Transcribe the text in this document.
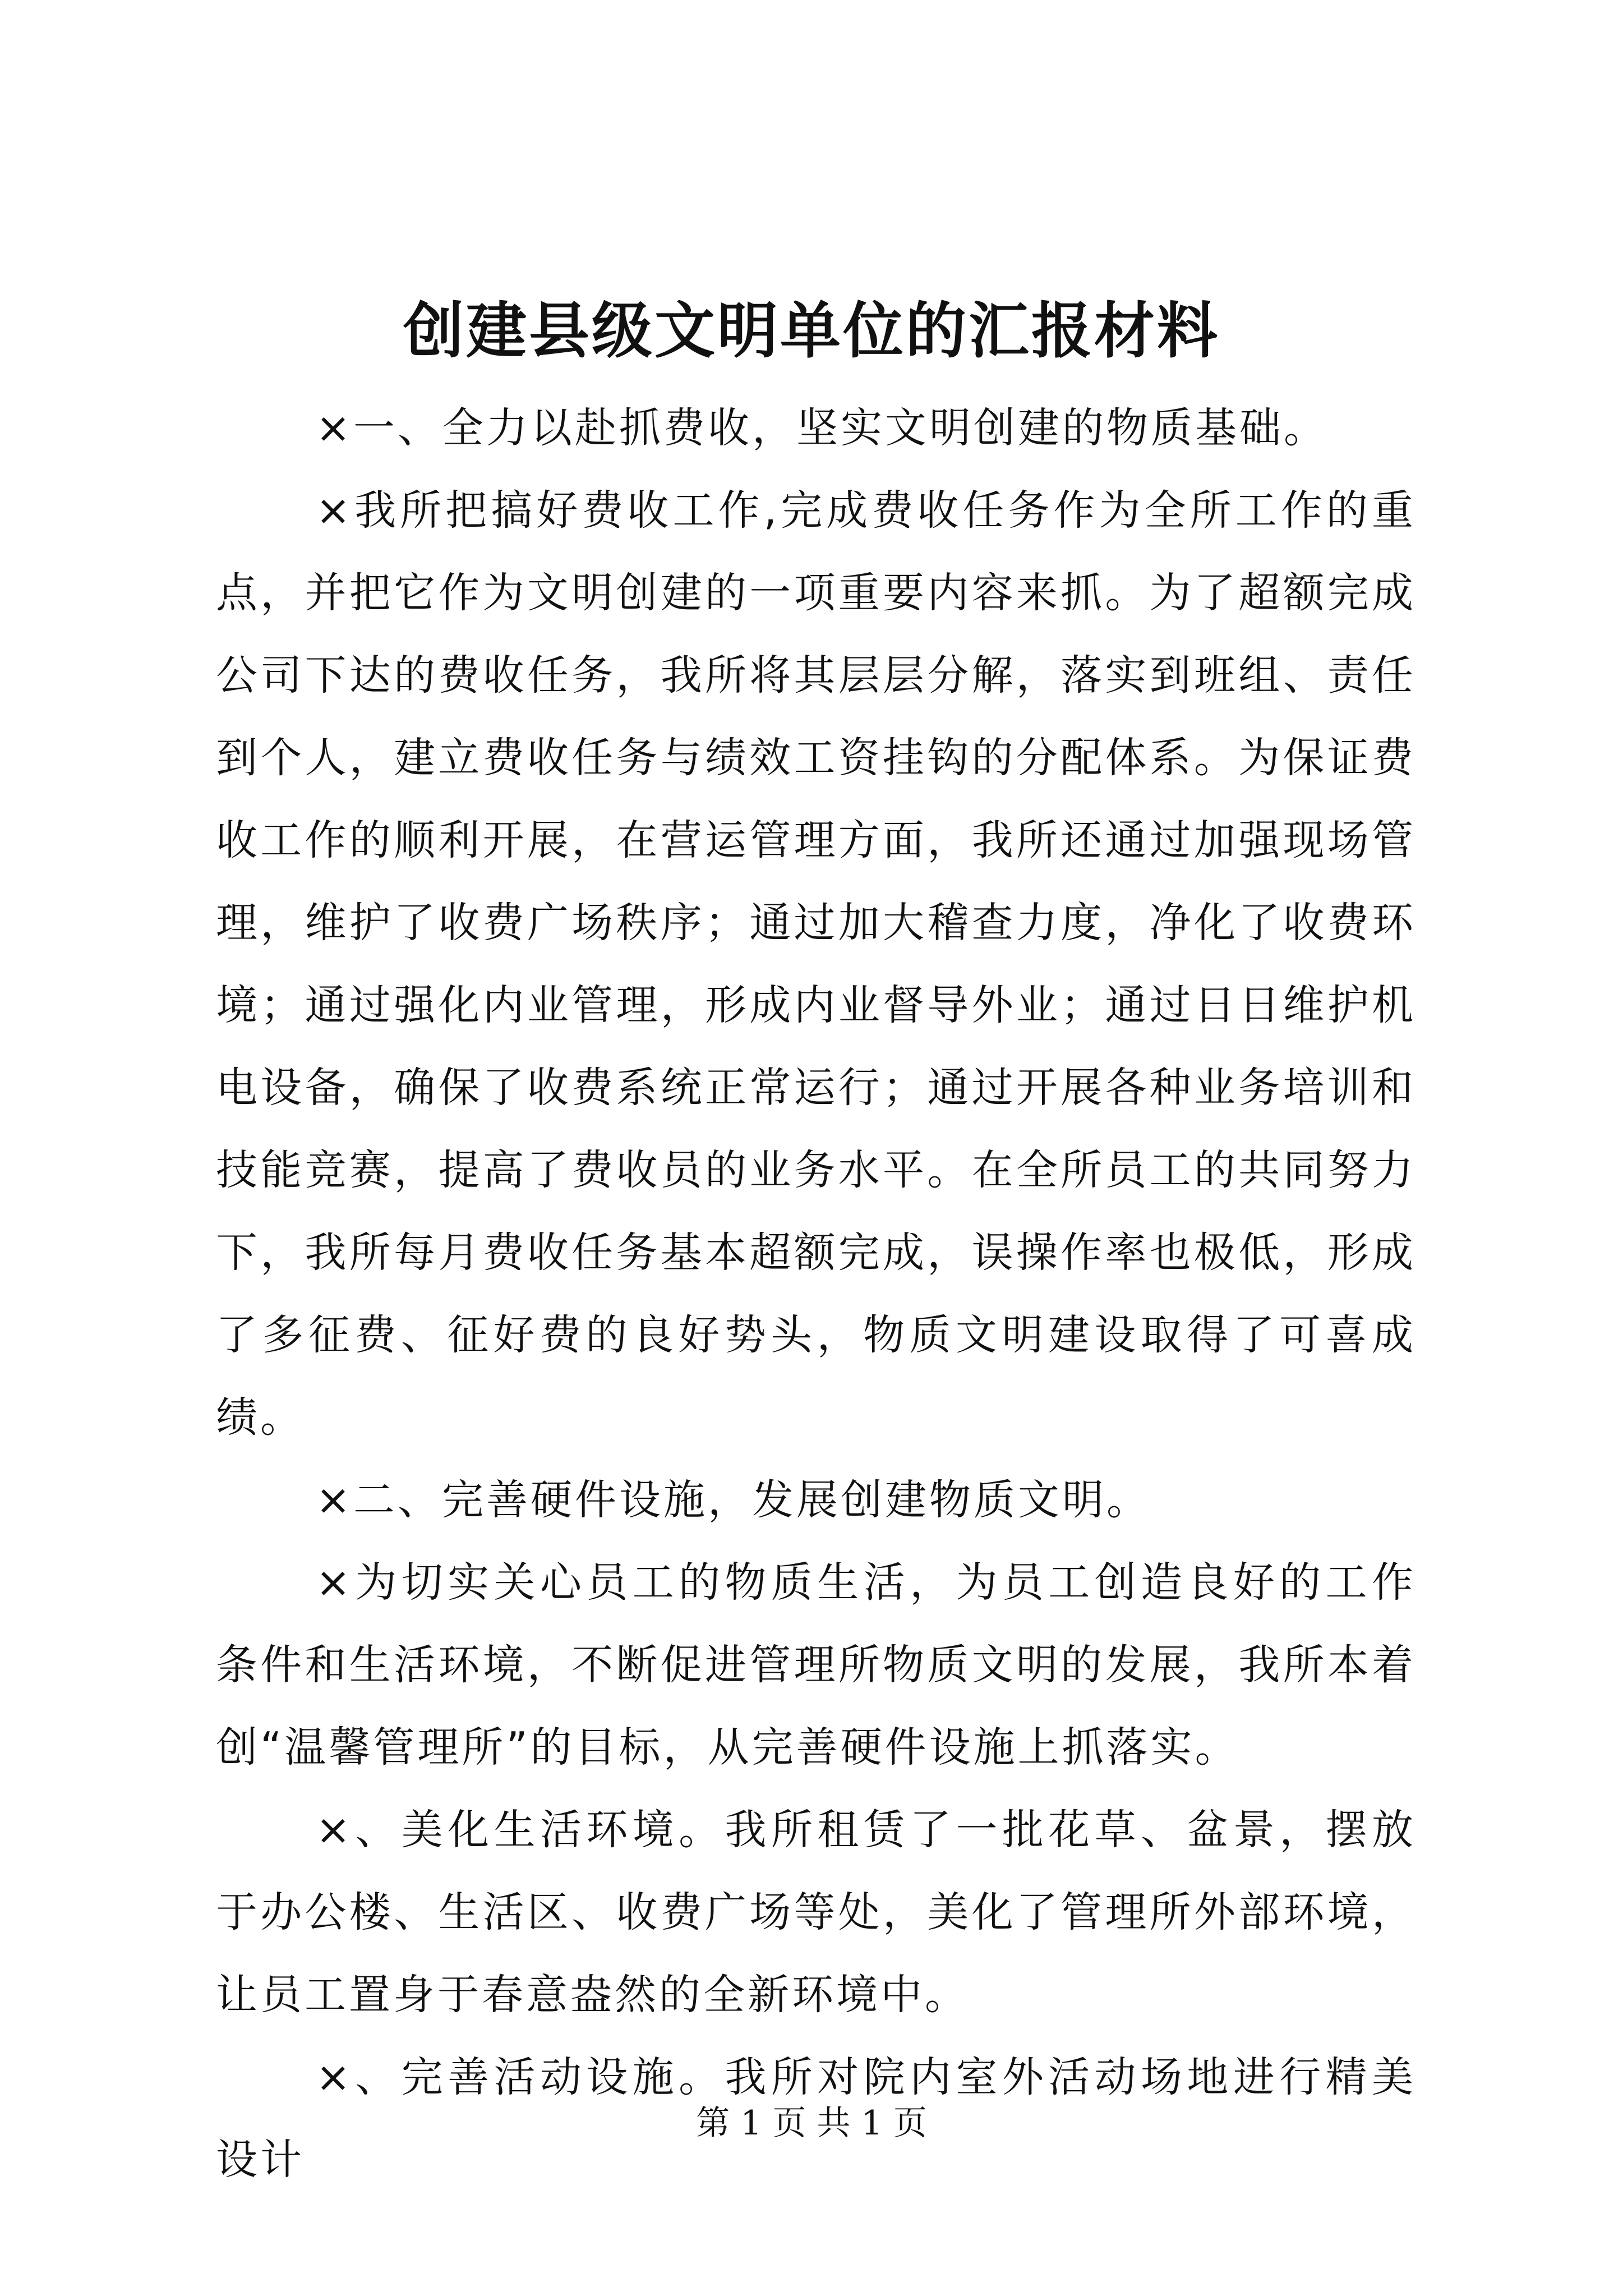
创建县级文明单位的汇报材料

×一、全力以赴抓费收，坚实文明创建的物质基础。

×我所把搞好费收工作,完成费收任务作为全所工作的重点，并把它作为文明创建的一项重要内容来抓。为了超额完成公司下达的费收任务，我所将其层层分解，落实到班组、责任到个人，建立费收任务与绩效工资挂钩的分配体系。为保证费收工作的顺利开展，在营运管理方面，我所还通过加强现场管理，维护了收费广场秩序；通过加大稽查力度，净化了收费环境；通过强化内业管理，形成内业督导外业；通过日日维护机电设备，确保了收费系统正常运行；通过开展各种业务培训和技能竞赛，提高了费收员的业务水平。在全所员工的共同努力下，我所每月费收任务基本超额完成，误操作率也极低，形成了多征费、征好费的良好势头，物质文明建设取得了可喜成绩。

×二、完善硬件设施，发展创建物质文明。

×为切实关心员工的物质生活，为员工创造良好的工作条件和生活环境，不断促进管理所物质文明的发展，我所本着创“温馨管理所”的目标，从完善硬件设施上抓落实。

×、美化生活环境。我所租赁了一批花草、盆景，摆放于办公楼、生活区、收费广场等处，美化了管理所外部环境，让员工置身于春意盎然的全新环境中。

×、完善活动设施。我所对院内室外活动场地进行精美设计

第 1 页 共 1 页
